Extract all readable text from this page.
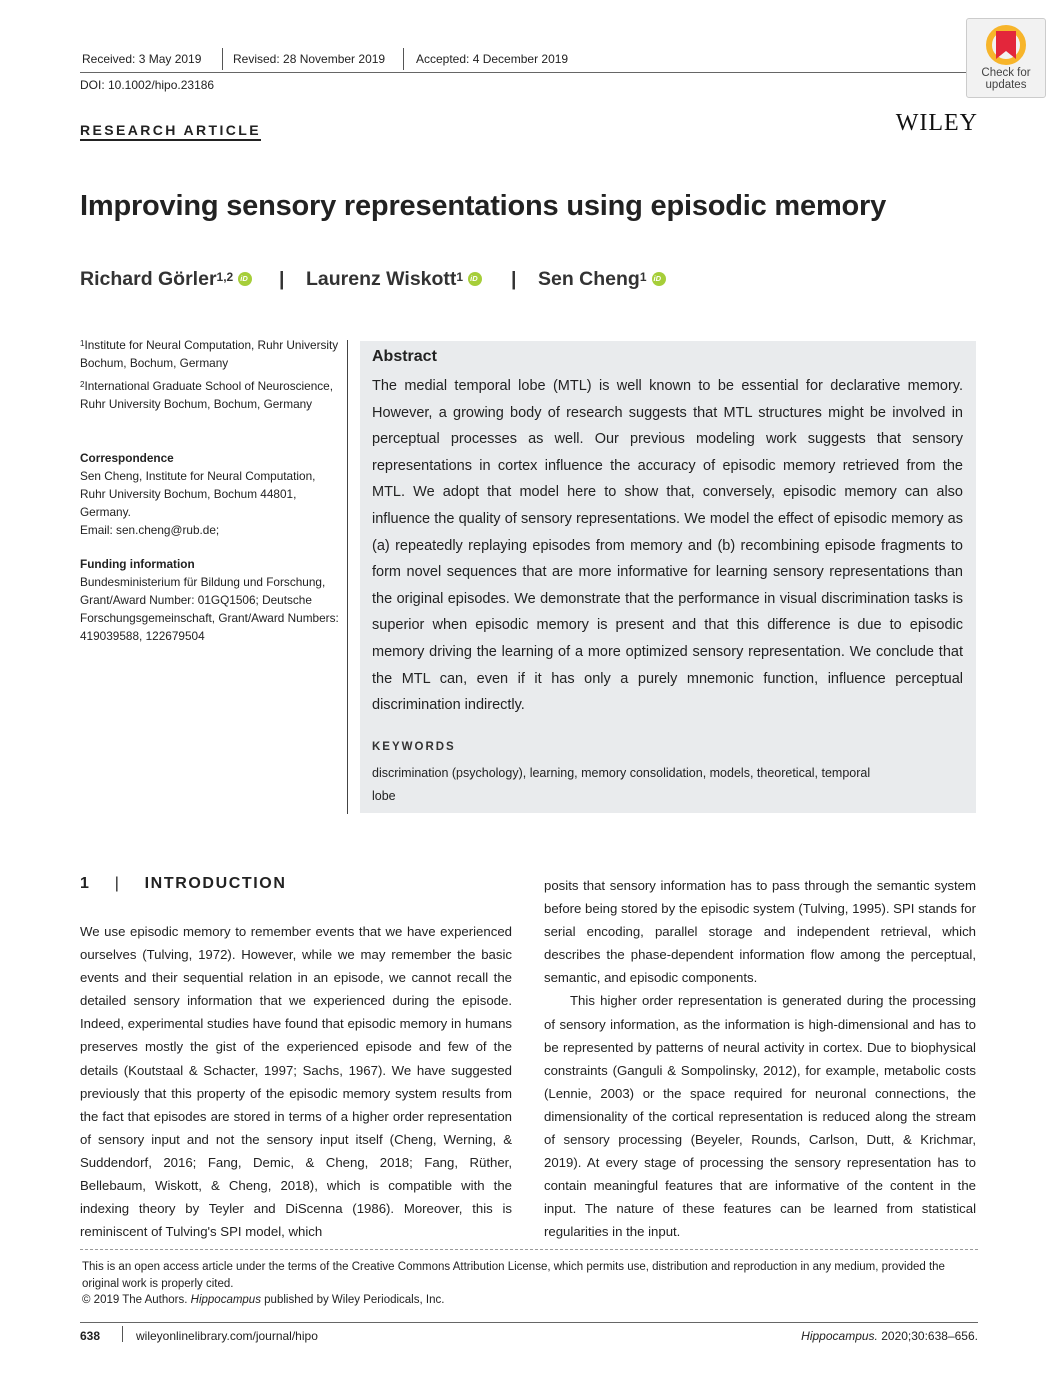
Received: 3 May 2019	Revised: 28 November 2019	Accepted: 4 December 2019
DOI: 10.1002/hipo.23186
Check for updates
RESEARCH ARTICLE	WILEY
Improving sensory representations using episodic memory
Richard Görler$^{1,2}$ iD	| Laurenz Wiskott$^1$ iD	| Sen Cheng$^1$iD
$^1$Institute for Neural Computation, Ruhr University Bochum, Bochum, Germany
$^2$International Graduate School of Neuroscience, Ruhr University Bochum, Bochum, Germany
Correspondence
Sen Cheng, Institute for Neural Computation, Ruhr University Bochum, Bochum 44801, Germany.
Email: sen.cheng@rub.de;
Funding information
Bundesministerium für Bildung und Forschung, Grant/Award Number: 01GQ1506; Deutsche Forschungsgemeinschaft, Grant/Award Numbers: 419039588, 122679504
Abstract
The medial temporal lobe (MTL) is well known to be essential for declarative memory. However, a growing body of research suggests that MTL structures might be involved in perceptual processes as well. Our previous modeling work suggests that sensory representations in cortex influence the accuracy of episodic memory retrieved from the MTL. We adopt that model here to show that, conversely, episodic memory can also influence the quality of sensory representations. We model the effect of episodic memory as (a) repeatedly replaying episodes from memory and (b) recombining episode fragments to form novel sequences that are more informative for learning sensory representations than the original episodes. We demonstrate that the performance in visual discrimination tasks is superior when episodic memory is present and that this difference is due to episodic memory driving the learning of a more optimized sensory representation. We conclude that the MTL can, even if it has only a purely mnemonic function, influence perceptual discrimination indirectly.
KEYWORDS
discrimination (psychology), learning, memory consolidation, models, theoretical, temporal lobe
1 | INTRODUCTION

We use episodic memory to remember events that we have experienced ourselves (Tulving, 1972). However, while we may remember the basic events and their sequential relation in an episode, we cannot recall the detailed sensory information that we experienced during the episode. Indeed, experimental studies have found that episodic memory in humans preserves mostly the gist of the experienced episode and few of the details (Koutstaal & Schacter, 1997; Sachs, 1967). We have suggested previously that this property of the episodic memory system results from the fact that episodes are stored in terms of a higher order representation of sensory input and not the sensory input itself (Cheng, Werning, & Suddendorf, 2016; Fang, Demic, & Cheng, 2018; Fang, Rüther, Bellebaum, Wiskott, & Cheng, 2018), which is compatible with the indexing theory by Teyler and DiScenna (1986). Moreover, this is reminiscent of Tulving's SPI model, which

posits that sensory information has to pass through the semantic system before being stored by the episodic system (Tulving, 1995). SPI stands for serial encoding, parallel storage and independent retrieval, which describes the phase-dependent information flow among the perceptual, semantic, and episodic components.

This higher order representation is generated during the processing of sensory information, as the information is high-dimensional and has to be represented by patterns of neural activity in cortex. Due to biophysical constraints (Ganguli & Sompolinsky, 2012), for example, metabolic costs (Lennie, 2003) or the space required for neuronal connections, the dimensionality of the cortical representation is reduced along the stream of sensory processing (Beyeler, Rounds, Carlson, Dutt, & Krichmar, 2019). At every stage of processing the sensory representation has to contain meaningful features that are informative of the content in the input. The nature of these features can be learned from statistical regularities in the input.

This is an open access article under the terms of the Creative Commons Attribution License, which permits use, distribution and reproduction in any medium, provided the original work is properly cited.
© 2019 The Authors. Hippocampus published by Wiley Periodicals, Inc.
638	wileyonlinelibrary.com/journal/hipo	Hippocampus. 2020;30:638–656.
